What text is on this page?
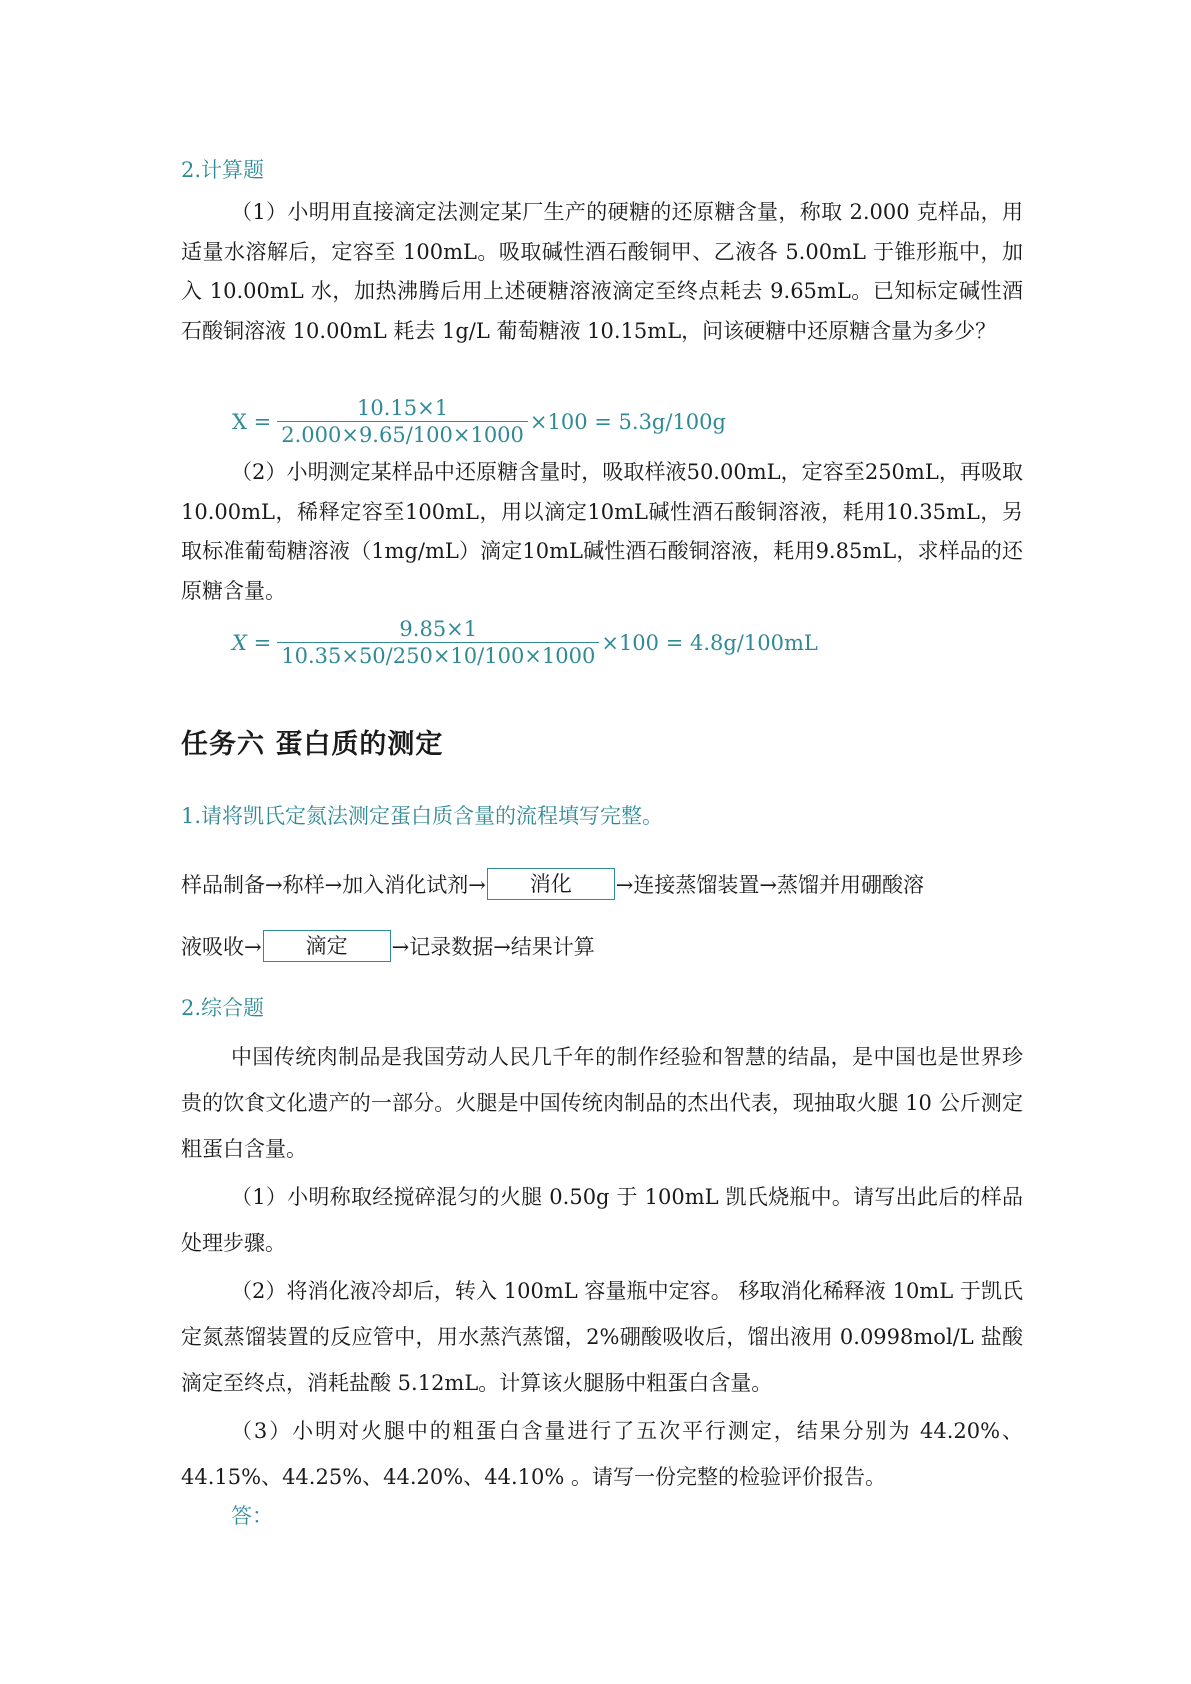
2.计算题

（1）小明用直接滴定法测定某厂生产的硬糖的还原糖含量，称取 2.000 克样品，用适量水溶解后，定容至 100mL。吸取碱性酒石酸铜甲、乙液各 5.00mL 于锥形瓶中，加入 10.00mL 水，加热沸腾后用上述硬糖溶液滴定至终点耗去 9.65mL。已知标定碱性酒石酸铜溶液 10.00mL 耗去 1g/L 葡萄糖液 10.15mL，问该硬糖中还原糖含量为多少？

$X = \frac{10.15\times 1}{2.000\times 9.65/100\times 1000} \times 100 = 5.3g/100g$

（2）小明测定某样品中还原糖含量时，吸取样液50.00mL，定容至250mL，再吸取10.00mL，稀释定容至100mL，用以滴定10mL碱性酒石酸铜溶液，耗用10.35mL，另取标准葡萄糖溶液（1mg/mL）滴定10mL碱性酒石酸铜溶液，耗用9.85mL，求样品的还原糖含量。

$X = \frac{9.85\times 1}{10.35\times 50/250\times 10/100\times 1000} \times 100 = 4.8g/100mL$
任务六 蛋白质的测定
1.请将凯氏定氮法测定蛋白质含量的流程填写完整。
样品制备→称样→加入消化试剂→	消化	→连接蒸馏装置→蒸馏并用硼酸溶
液吸收→	滴定	→记录数据→结果计算
2.综合题

中国传统肉制品是我国劳动人民几千年的制作经验和智慧的结晶，是中国也是世界珍贵的饮食文化遗产的一部分。火腿是中国传统肉制品的杰出代表，现抽取火腿 10 公斤测定粗蛋白含量。

（1）小明称取经搅碎混匀的火腿 0.50g 于 100mL 凯氏烧瓶中。请写出此后的样品处理步骤。

（2）将消化液冷却后，转入 100mL 容量瓶中定容。 移取消化稀释液 10mL 于凯氏定氮蒸馏装置的反应管中，用水蒸汽蒸馏，2%硼酸吸收后，馏出液用 0.0998mol/L 盐酸滴定至终点，消耗盐酸 5.12mL。计算该火腿肠中粗蛋白含量。

（3）小明对火腿中的粗蛋白含量进行了五次平行测定，结果分别为 44.20%、44.15%、44.25%、44.20%、44.10% 。请写一份完整的检验评价报告。

答：
